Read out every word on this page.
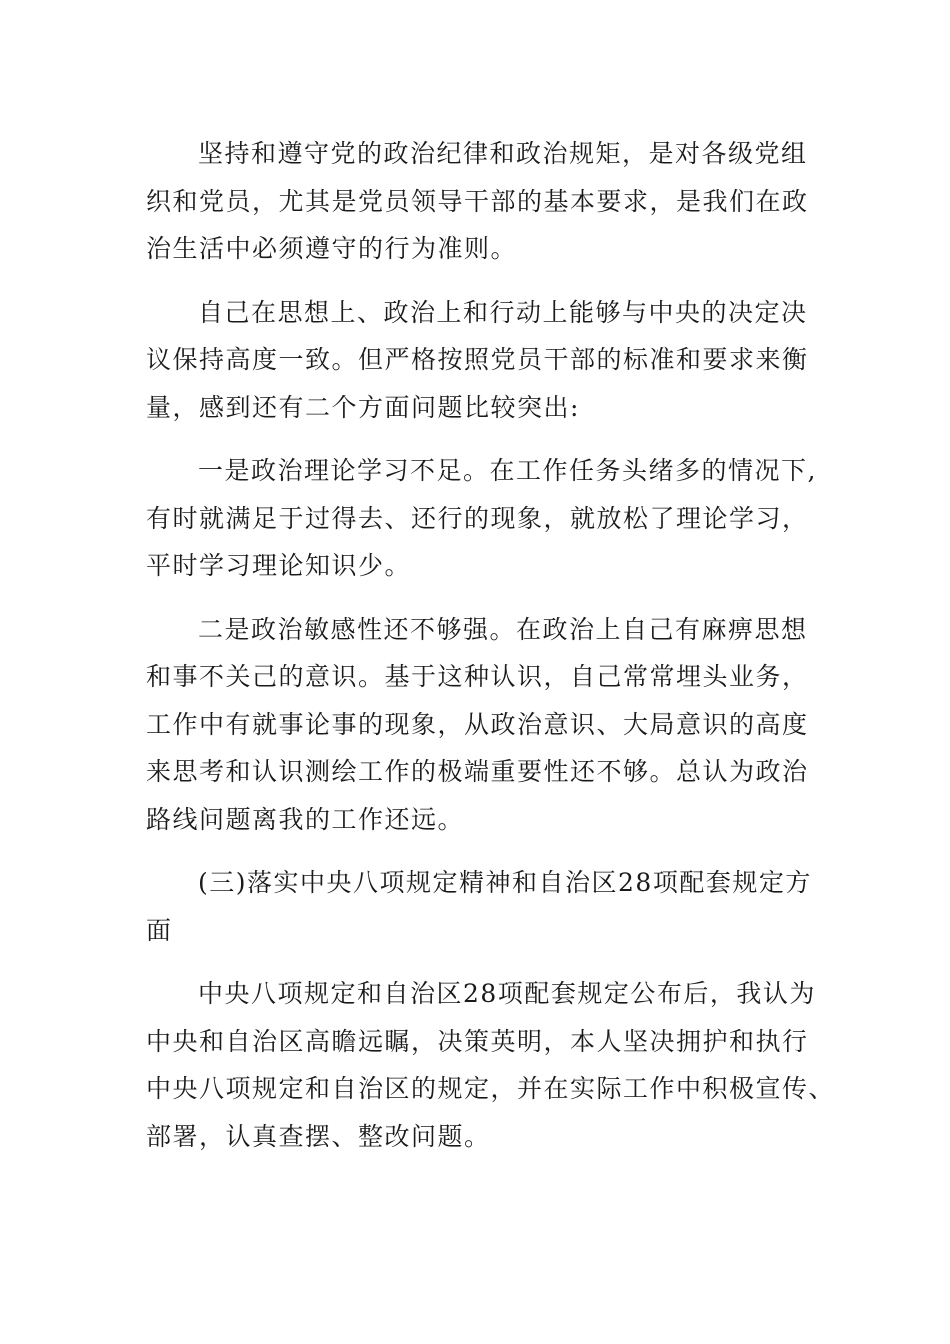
坚持和遵守党的政治纪律和政治规矩，是对各级党组
织和党员，尤其是党员领导干部的基本要求，是我们在政
治生活中必须遵守的行为准则。

自己在思想上、政治上和行动上能够与中央的决定决
议保持高度一致。但严格按照党员干部的标准和要求来衡
量，感到还有二个方面问题比较突出:

一是政治理论学习不足。在工作任务头绪多的情况下,
有时就满足于过得去、还行的现象，就放松了理论学习，
平时学习理论知识少。

二是政治敏感性还不够强。在政治上自己有麻痹思想
和事不关己的意识。基于这种认识，自己常常埋头业务，
工作中有就事论事的现象，从政治意识、大局意识的高度
来思考和认识测绘工作的极端重要性还不够。总认为政治
路线问题离我的工作还远。

(三)落实中央八项规定精神和自治区28项配套规定方
面

中央八项规定和自治区28项配套规定公布后，我认为
中央和自治区高瞻远瞩，决策英明，本人坚决拥护和执行
中央八项规定和自治区的规定，并在实际工作中积极宣传、
部署，认真查摆、整改问题。
